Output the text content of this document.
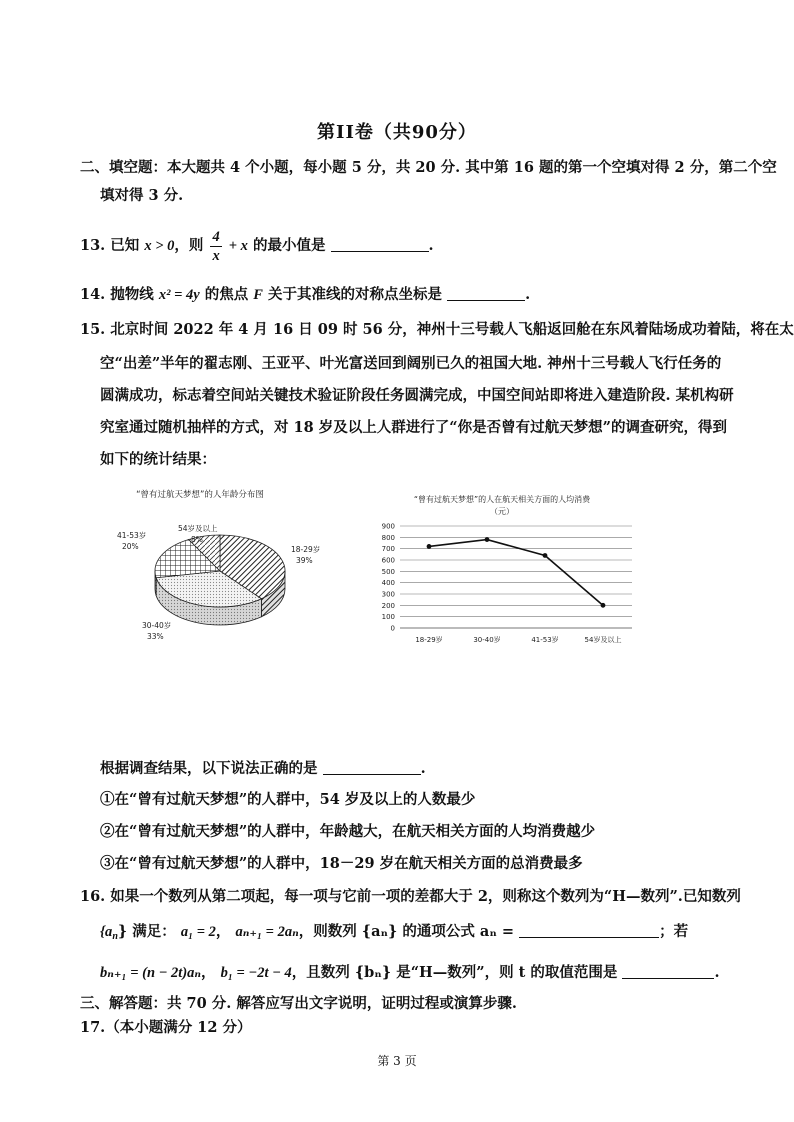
第II卷（共90分）
二、填空题：本大题共 4 个小题，每小题 5 分，共 20 分. 其中第 16 题的第一个空填对得 2 分，第二个空
填对得 3 分.
13. 已知 x > 0，则 $\frac{4}{x} + x$ 的最小值是	.
14. 抛物线 x² = 4y 的焦点 F 关于其准线的对称点坐标是	.
15. 北京时间 2022 年 4 月 16 日 09 时 56 分，神州十三号载人飞船返回舱在东风着陆场成功着陆，将在太
空“出差”半年的翟志刚、王亚平、叶光富送回到阔别已久的祖国大地. 神州十三号载人飞行任务的
圆满成功，标志着空间站关键技术验证阶段任务圆满完成，中国空间站即将进入建造阶段. 某机构研
究室通过随机抽样的方式，对 18 岁及以上人群进行了“你是否曾有过航天梦想”的调查研究，得到
如下的统计结果：
“曾有过航天梦想”的人年龄分布图
41-53岁
20%
54岁及以上
8%
18-29岁
39%
30-40岁
33%
“曾有过航天梦想”的人在航天相关方面的人均消费
（元）
0
100
200
300
400
500
600
700
800
900
18-29岁	30-40岁	41-53岁	54岁及以上
根据调查结果，以下说法正确的是	.
①在“曾有过航天梦想”的人群中，54 岁及以上的人数最少
②在“曾有过航天梦想”的人群中，年龄越大，在航天相关方面的人均消费越少
③在“曾有过航天梦想”的人群中，18－29 岁在航天相关方面的总消费最多
16. 如果一个数列从第二项起，每一项与它前一项的差都大于 2，则称这个数列为“H—数列”.已知数列
$\{a_n\}$ 满足： a₁ = 2， aₙ₊₁ = 2aₙ，则数列 {aₙ} 的通项公式 aₙ =	；若
bₙ₊₁ = (n − 2t)aₙ， b₁ = −2t − 4，且数列 {bₙ} 是“H—数列”，则 t 的取值范围是	.
三、解答题：共 70 分. 解答应写出文字说明，证明过程或演算步骤.
17.（本小题满分 12 分）
第 3 页
